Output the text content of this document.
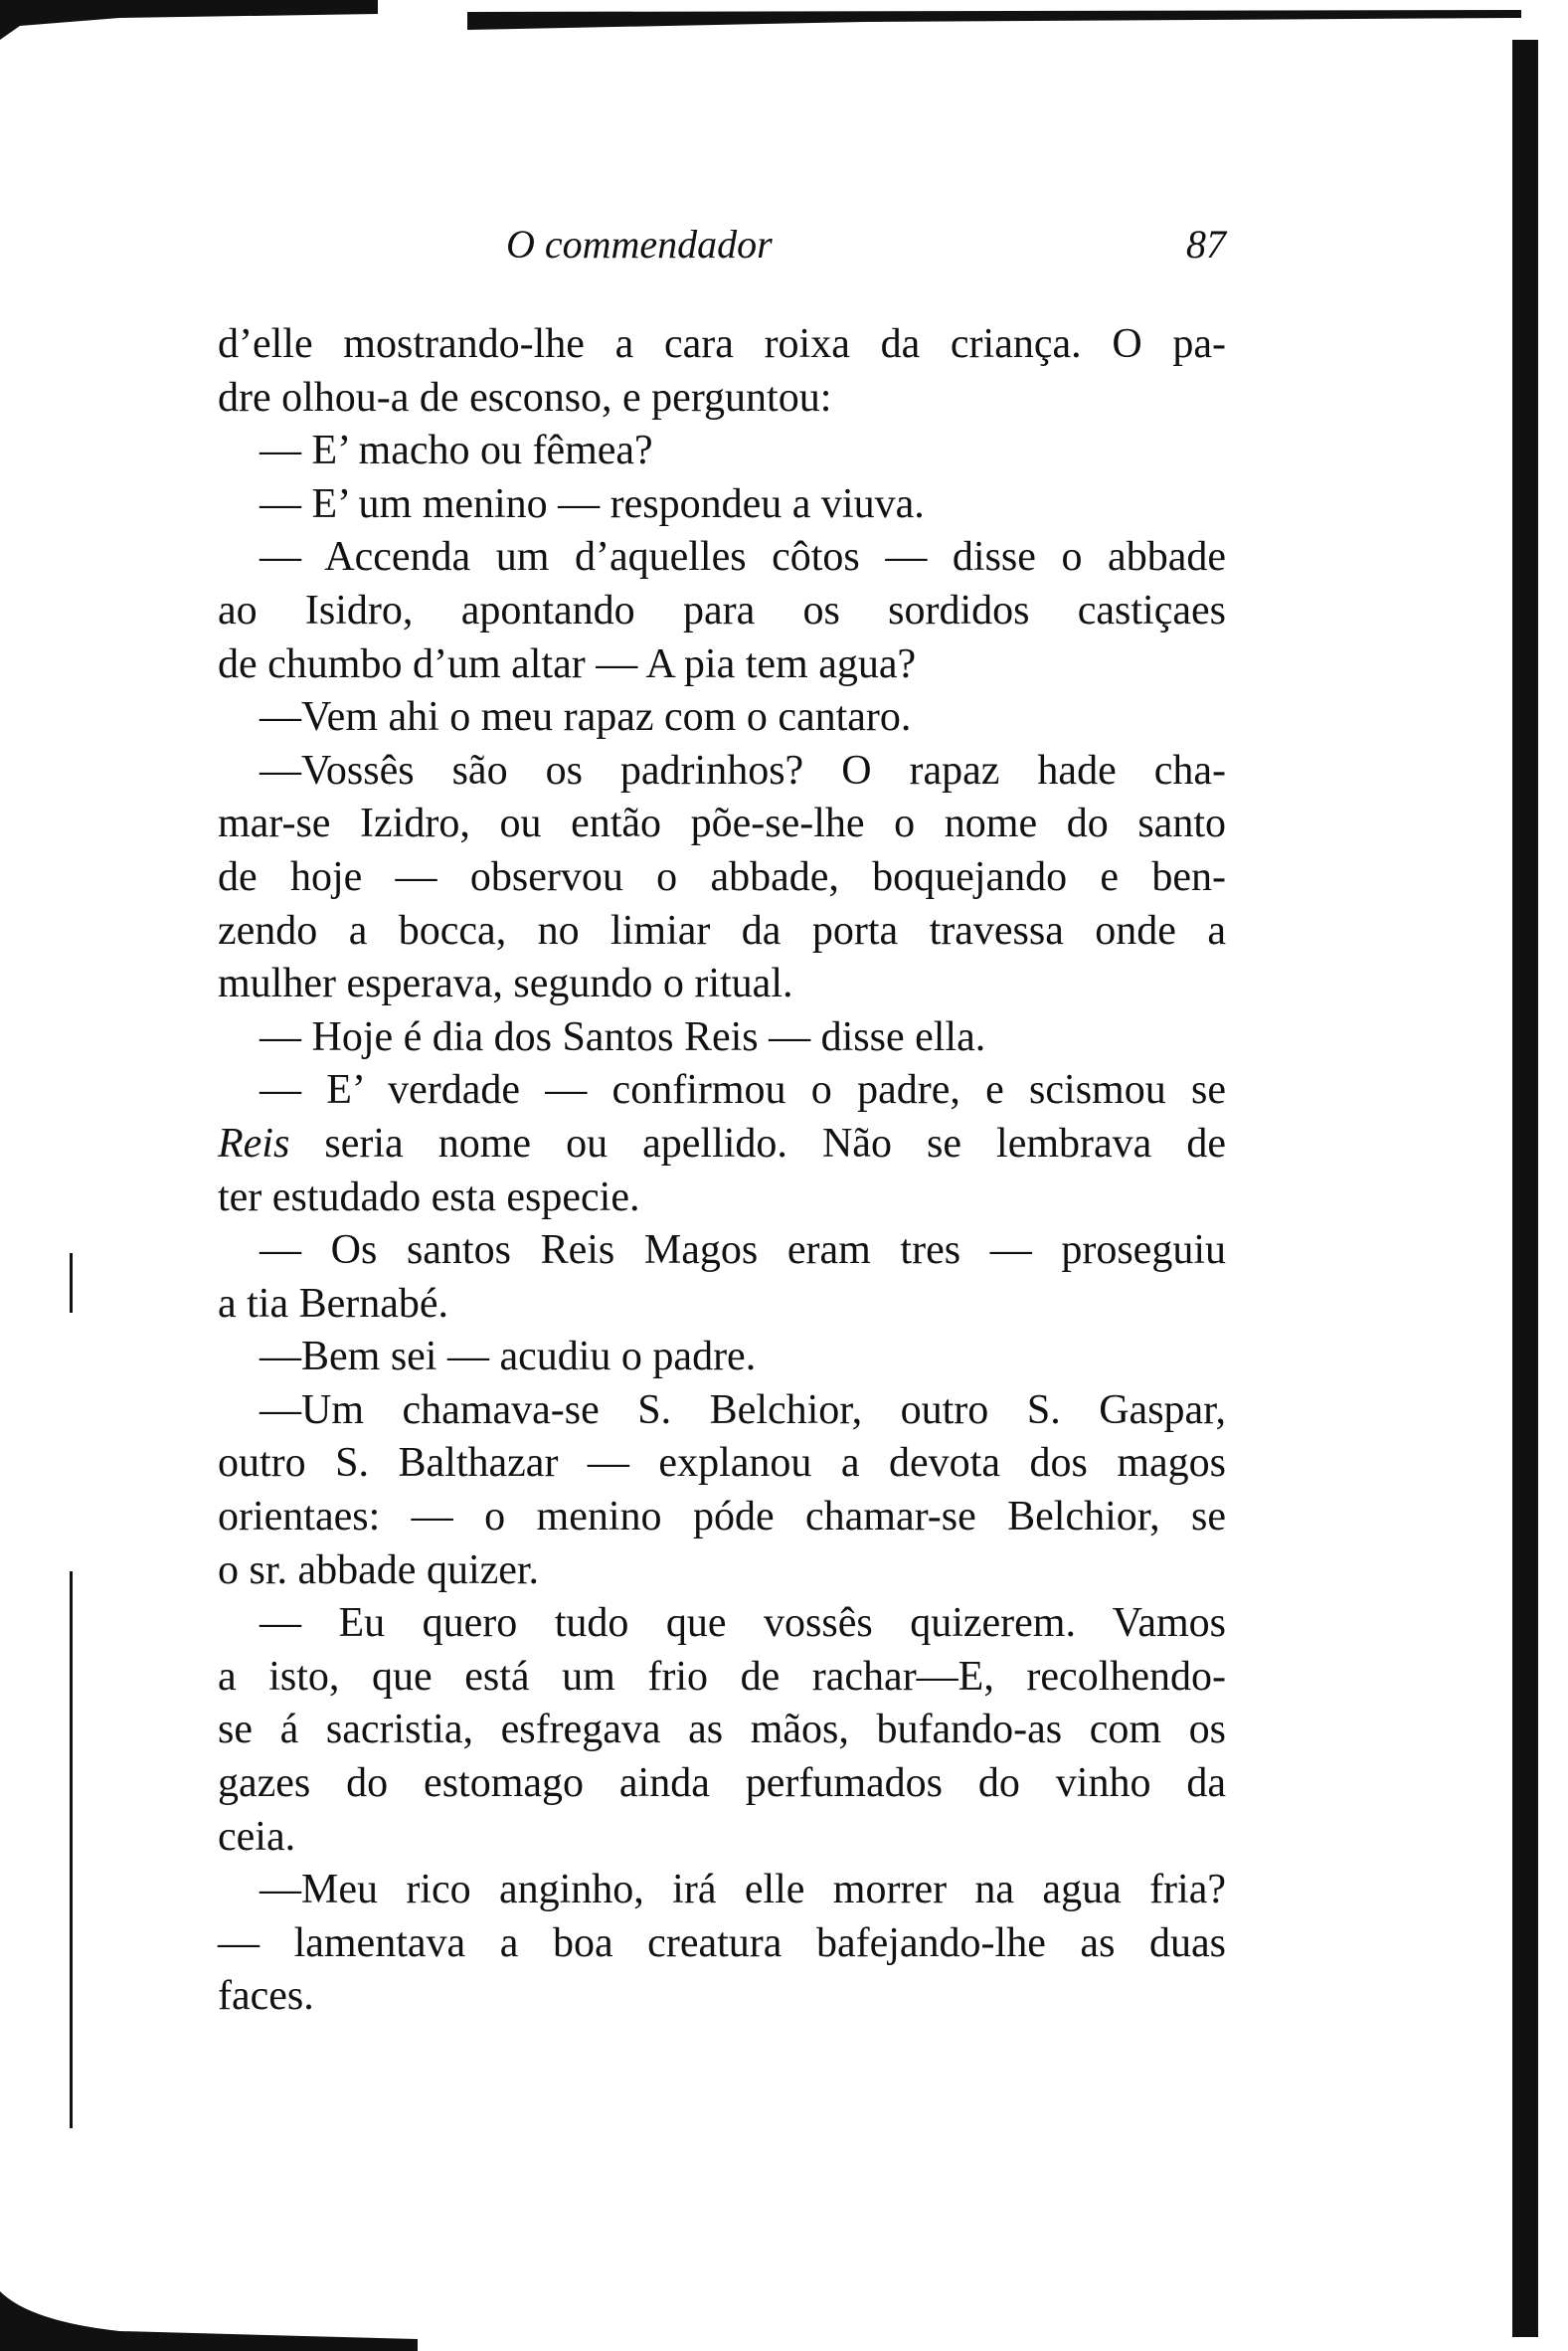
O commendador	87
d’elle mostrando-lhe a cara roixa da criança. O pa-
dre olhou-a de esconso, e perguntou:
— E’ macho ou fêmea?
— E’ um menino — respondeu a viuva.
— Accenda um d’aquelles côtos — disse o abbade
ao Isidro, apontando para os sordidos castiçaes
de chumbo d’um altar — A pia tem agua?
—Vem ahi o meu rapaz com o cantaro.
—Vossês são os padrinhos? O rapaz hade cha-
mar-se Izidro, ou então põe-se-lhe o nome do santo
de hoje — observou o abbade, boquejando e ben-
zendo a bocca, no limiar da porta travessa onde a
mulher esperava, segundo o ritual.
— Hoje é dia dos Santos Reis — disse ella.
— E’ verdade — confirmou o padre, e scismou se
Reis seria nome ou apellido. Não se lembrava de
ter estudado esta especie.
— Os santos Reis Magos eram tres — proseguiu
a tia Bernabé.
—Bem sei — acudiu o padre.
—Um chamava-se S. Belchior, outro S. Gaspar,
outro S. Balthazar — explanou a devota dos magos
orientaes: — o menino póde chamar-se Belchior, se
o sr. abbade quizer.
— Eu quero tudo que vossês quizerem. Vamos
a isto, que está um frio de rachar—E, recolhendo-
se á sacristia, esfregava as mãos, bufando-as com os
gazes do estomago ainda perfumados do vinho da
ceia.
—Meu rico anginho, irá elle morrer na agua fria?
— lamentava a boa creatura bafejando-lhe as duas
faces.
